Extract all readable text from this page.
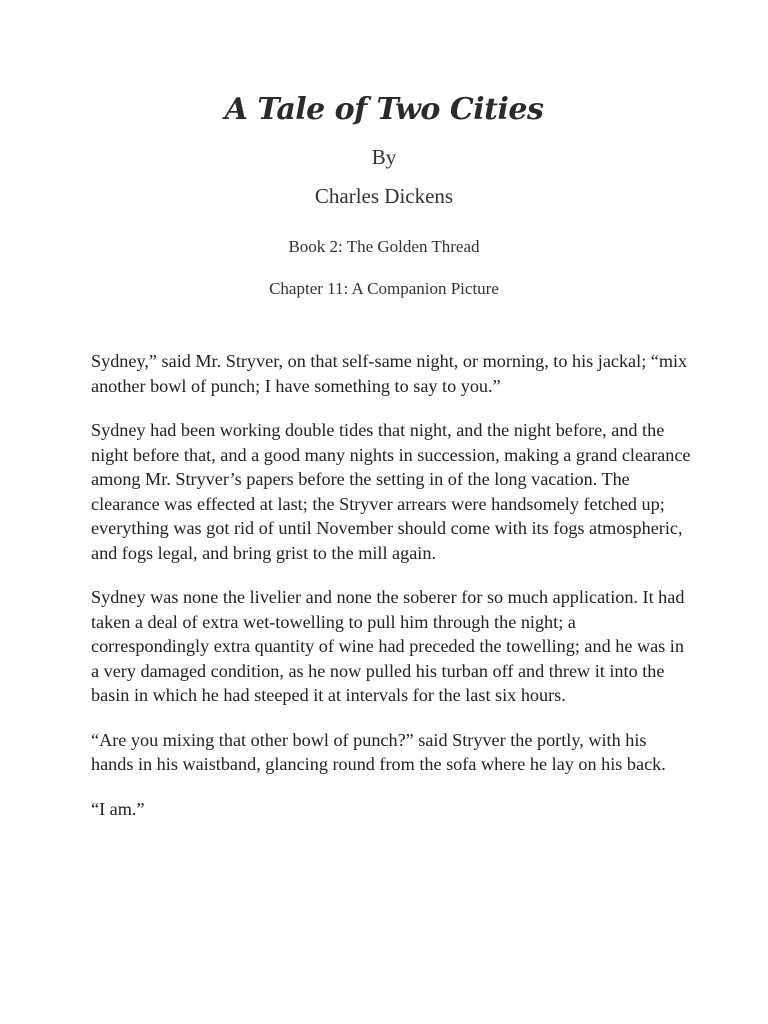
A Tale of Two Cities
By
Charles Dickens
Book 2: The Golden Thread
Chapter 11: A Companion Picture

Sydney,” said Mr. Stryver, on that self-same night, or morning, to his jackal; “mix another bowl of punch; I have something to say to you.”

Sydney had been working double tides that night, and the night before, and the night before that, and a good many nights in succession, making a grand clearance among Mr. Stryver’s papers before the setting in of the long vacation. The clearance was effected at last; the Stryver arrears were handsomely fetched up; everything was got rid of until November should come with its fogs atmospheric, and fogs legal, and bring grist to the mill again.

Sydney was none the livelier and none the soberer for so much application. It had taken a deal of extra wet-towelling to pull him through the night; a correspondingly extra quantity of wine had preceded the towelling; and he was in a very damaged condition, as he now pulled his turban off and threw it into the basin in which he had steeped it at intervals for the last six hours.

“Are you mixing that other bowl of punch?” said Stryver the portly, with his hands in his waistband, glancing round from the sofa where he lay on his back.

“I am.”
